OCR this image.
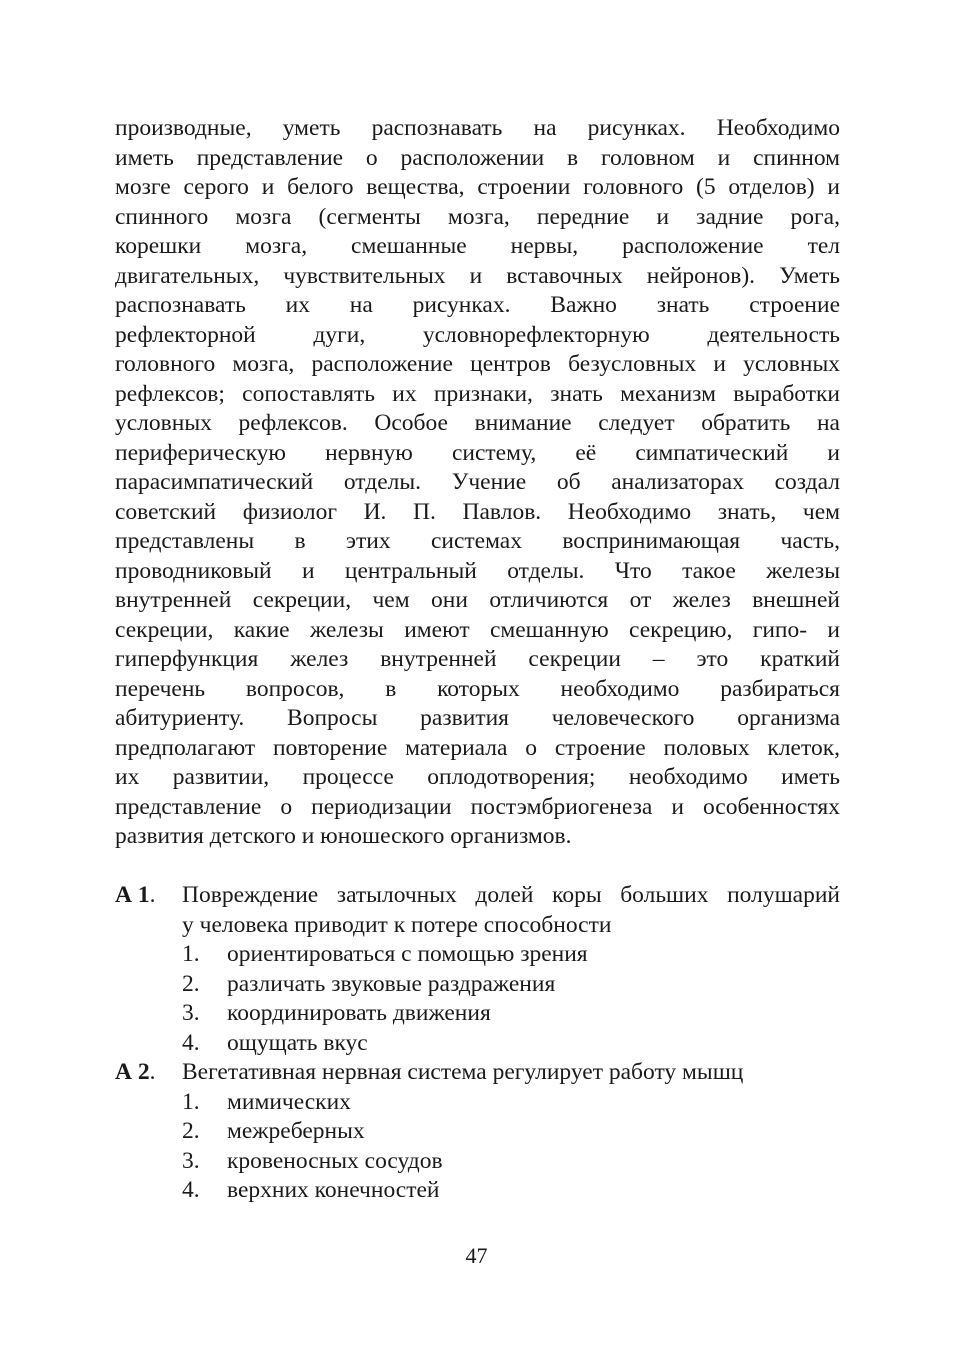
производные, уметь распознавать на рисунках. Необходимо
иметь представление о расположении в головном и спинном
мозге серого и белого вещества, строении головного (5 отделов) и
спинного мозга (сегменты мозга, передние и задние рога,
корешки мозга, смешанные нервы, расположение тел
двигательных, чувствительных и вставочных нейронов). Уметь
распознавать их на рисунках. Важно знать строение
рефлекторной дуги, условнорефлекторную деятельность
головного мозга, расположение центров безусловных и условных
рефлексов; сопоставлять их признаки, знать механизм выработки
условных рефлексов. Особое внимание следует обратить на
периферическую нервную систему, её симпатический и
парасимпатический отделы. Учение об анализаторах создал
советский физиолог И. П. Павлов. Необходимо знать, чем
представлены в этих системах воспринимающая часть,
проводниковый и центральный отделы. Что такое железы
внутренней секреции, чем они отличиются от желез внешней
секреции, какие железы имеют смешанную секрецию, гипо- и
гиперфункция желез внутренней секреции – это краткий
перечень вопросов, в которых необходимо разбираться
абитуриенту. Вопросы развития человеческого организма
предполагают повторение материала о строение половых клеток,
их развитии, процессе оплодотворения; необходимо иметь
представление о периодизации постэмбриогенеза и особенностях
развития детского и юношеского организмов.
А 1. Повреждение затылочных долей коры больших полушарий
у человека приводит к потере способности
1. ориентироваться с помощью зрения
2. различать звуковые раздражения
3. координировать движения
4. ощущать вкус
А 2. Вегетативная нервная система регулирует работу мышц
1. мимических
2. межреберных
3. кровеносных сосудов
4. верхних конечностей
47
